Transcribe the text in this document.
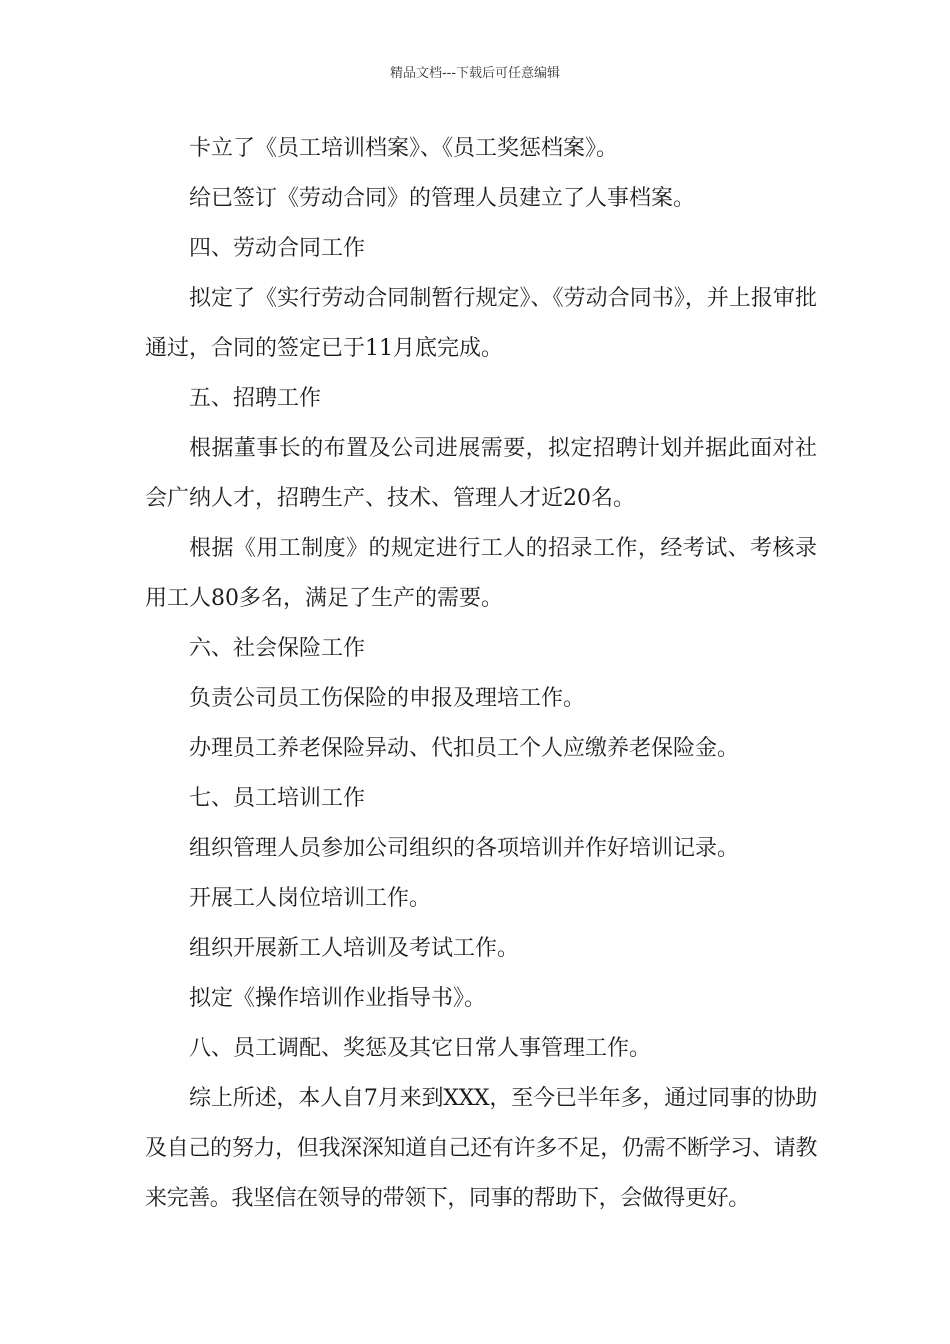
精品文档---下载后可任意编辑

卡立了《员工培训档案》、《员工奖惩档案》。

给已签订《劳动合同》的管理人员建立了人事档案。

四、劳动合同工作

拟定了《实行劳动合同制暂行规定》、《劳动合同书》，并上报审批通过，合同的签定已于11月底完成。

五、招聘工作

根据董事长的布置及公司进展需要，拟定招聘计划并据此面对社会广纳人才，招聘生产、技术、管理人才近20名。

根据《用工制度》的规定进行工人的招录工作，经考试、考核录用工人80多名，满足了生产的需要。

六、社会保险工作

负责公司员工伤保险的申报及理培工作。

办理员工养老保险异动、代扣员工个人应缴养老保险金。

七、员工培训工作

组织管理人员参加公司组织的各项培训并作好培训记录。

开展工人岗位培训工作。

组织开展新工人培训及考试工作。

拟定《操作培训作业指导书》。

八、员工调配、奖惩及其它日常人事管理工作。

综上所述，本人自7月来到XXX，至今已半年多，通过同事的协助及自己的努力，但我深深知道自己还有许多不足，仍需不断学习、请教来完善。我坚信在领导的带领下，同事的帮助下，会做得更好。
